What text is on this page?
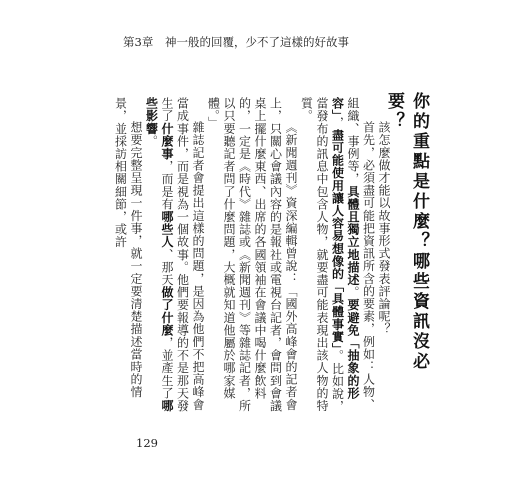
第3章 神一般的回覆，少不了這樣的好故事
你的重點是什麼？哪些資訊沒必要？

該怎麼做才能以故事形式發表評論呢？

首先，必須盡可能把資訊所含的要素，例如：人物、組織、事例等，具體且獨立地描述。要避免「抽象的形容」，盡可能使用讓人容易想像的「具體事實」。比如說，當發布的訊息中包含人物，就要盡可能表現出該人物的特質。

《新聞週刊》資深編輯曾說：「國外高峰會的記者會上，只關心會議內容的是報社或電視台記者，會問到會議桌上擺什麼東西、出席的各國領袖在會議中喝什麼飲料的，一定是《時代》雜誌或《新聞週刊》等雜誌記者，所以只要聽記者問了什麼問題，大概就知道他屬於哪家媒體。」

雜誌記者會提出這樣的問題，是因為他們不把高峰會當成事件，而是視為一個故事。他們要報導的不是那天發生了什麼事，而是有哪些人、那天做了什麼，並產生了哪些影響。

想要完整呈現一件事，就一定要清楚描述當時的情景，並採訪相關細節，或許

129
